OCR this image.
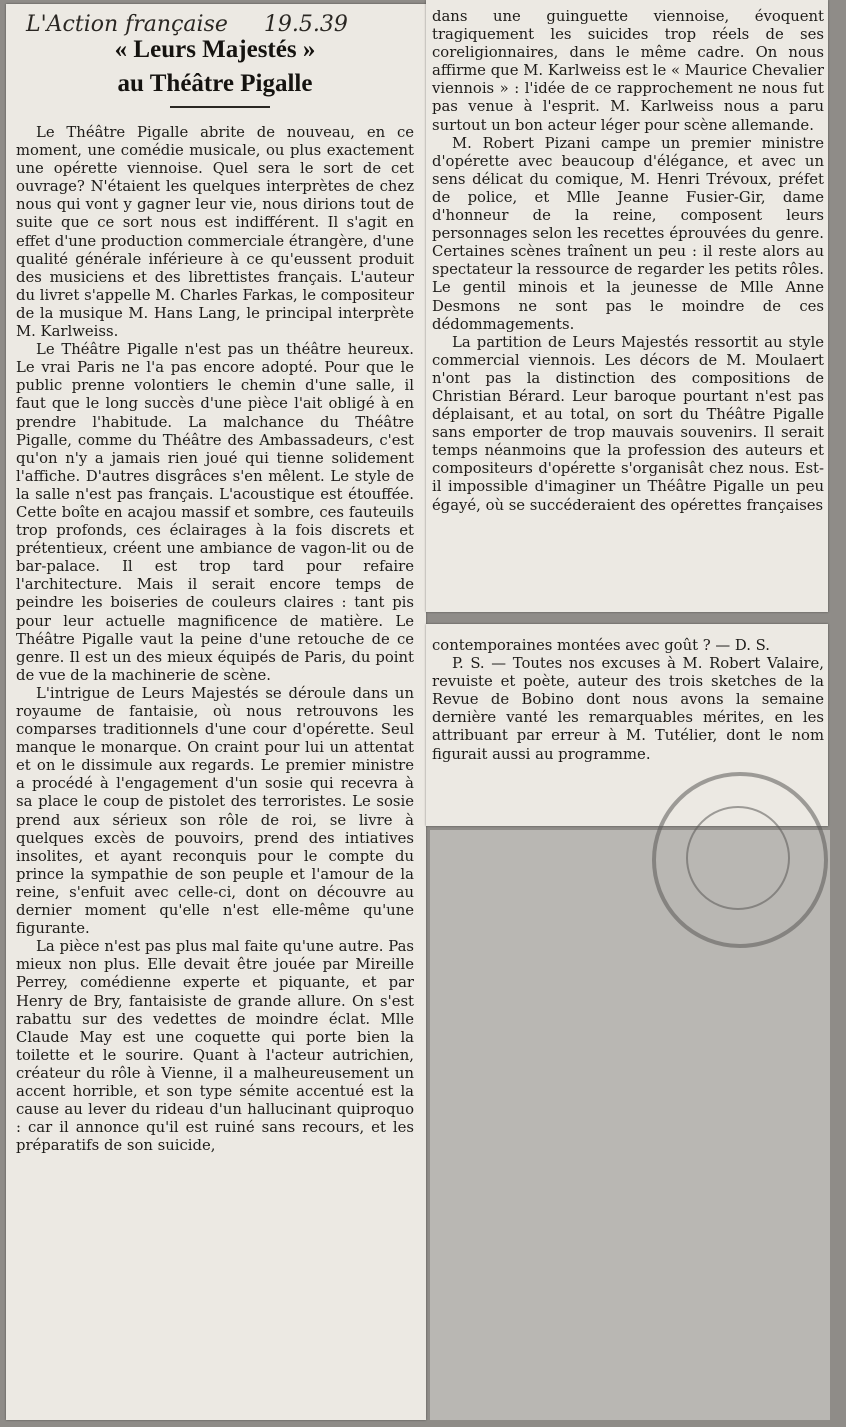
L'Action française 19.5.39
« Leurs Majestés »
au Théâtre Pigalle

Le Théâtre Pigalle abrite de nouveau, en ce moment, une comédie musicale, ou plus exactement une opérette viennoise. Quel sera le sort de cet ouvrage? N'étaient les quelques interprètes de chez nous qui vont y gagner leur vie, nous dirions tout de suite que ce sort nous est indifférent. Il s'agit en effet d'une production commerciale étrangère, d'une qualité générale inférieure à ce qu'eussent produit des musiciens et des librettistes français. L'auteur du livret s'appelle M. Charles Farkas, le compositeur de la musique M. Hans Lang, le principal interprète M. Karlweiss.

Le Théâtre Pigalle n'est pas un théâtre heureux. Le vrai Paris ne l'a pas encore adopté. Pour que le public prenne volontiers le chemin d'une salle, il faut que le long succès d'une pièce l'ait obligé à en prendre l'habitude. La malchance du Théâtre Pigalle, comme du Théâtre des Ambassadeurs, c'est qu'on n'y a jamais rien joué qui tienne solidement l'affiche. D'autres disgrâces s'en mêlent. Le style de la salle n'est pas français. L'acoustique est étouffée. Cette boîte en acajou massif et sombre, ces fauteuils trop profonds, ces éclairages à la fois discrets et prétentieux, créent une ambiance de vagon-lit ou de bar-palace. Il est trop tard pour refaire l'architecture. Mais il serait encore temps de peindre les boiseries de couleurs claires : tant pis pour leur actuelle magnificence de matière. Le Théâtre Pigalle vaut la peine d'une retouche de ce genre. Il est un des mieux équipés de Paris, du point de vue de la machinerie de scène.

L'intrigue de Leurs Majestés se déroule dans un royaume de fantaisie, où nous retrouvons les comparses traditionnels d'une cour d'opérette. Seul manque le monarque. On craint pour lui un attentat et on le dissimule aux regards. Le premier ministre a procédé à l'engagement d'un sosie qui recevra à sa place le coup de pistolet des terroristes. Le sosie prend aux sérieux son rôle de roi, se livre à quelques excès de pouvoirs, prend des intiatives insolites, et ayant reconquis pour le compte du prince la sympathie de son peuple et l'amour de la reine, s'enfuit avec celle-ci, dont on découvre au dernier moment qu'elle n'est elle-même qu'une figurante.

La pièce n'est pas plus mal faite qu'une autre. Pas mieux non plus. Elle devait être jouée par Mireille Perrey, comédienne experte et piquante, et par Henry de Bry, fantaisiste de grande allure. On s'est rabattu sur des vedettes de moindre éclat. Mlle Claude May est une coquette qui porte bien la toilette et le sourire. Quant à l'acteur autrichien, créateur du rôle à Vienne, il a malheureusement un accent horrible, et son type sémite accentué est la cause au lever du rideau d'un hallucinant quiproquo : car il annonce qu'il est ruiné sans recours, et les préparatifs de son suicide,

dans une guinguette viennoise, évoquent tragiquement les suicides trop réels de ses coreligionnaires, dans le même cadre. On nous affirme que M. Karlweiss est le « Maurice Chevalier viennois » : l'idée de ce rapprochement ne nous fut pas venue à l'esprit. M. Karlweiss nous a paru surtout un bon acteur léger pour scène allemande.

M. Robert Pizani campe un premier ministre d'opérette avec beaucoup d'élégance, et avec un sens délicat du comique, M. Henri Trévoux, préfet de police, et Mlle Jeanne Fusier-Gir, dame d'honneur de la reine, composent leurs personnages selon les recettes éprouvées du genre. Certaines scènes traînent un peu : il reste alors au spectateur la ressource de regarder les petits rôles. Le gentil minois et la jeunesse de Mlle Anne Desmons ne sont pas le moindre de ces dédommagements.

La partition de Leurs Majestés ressortit au style commercial viennois. Les décors de M. Moulaert n'ont pas la distinction des compositions de Christian Bérard. Leur baroque pourtant n'est pas déplaisant, et au total, on sort du Théâtre Pigalle sans emporter de trop mauvais souvenirs. Il serait temps néanmoins que la profession des auteurs et compositeurs d'opérette s'organisât chez nous. Est-il impossible d'imaginer un Théâtre Pigalle un peu égayé, où se succéderaient des opérettes françaises

contemporaines montées avec goût ? — D. S.

P. S. — Toutes nos excuses à M. Robert Valaire, revuiste et poète, auteur des trois sketches de la Revue de Bobino dont nous avons la semaine dernière vanté les remarquables mérites, en les attribuant par erreur à M. Tutélier, dont le nom figurait aussi au programme.
